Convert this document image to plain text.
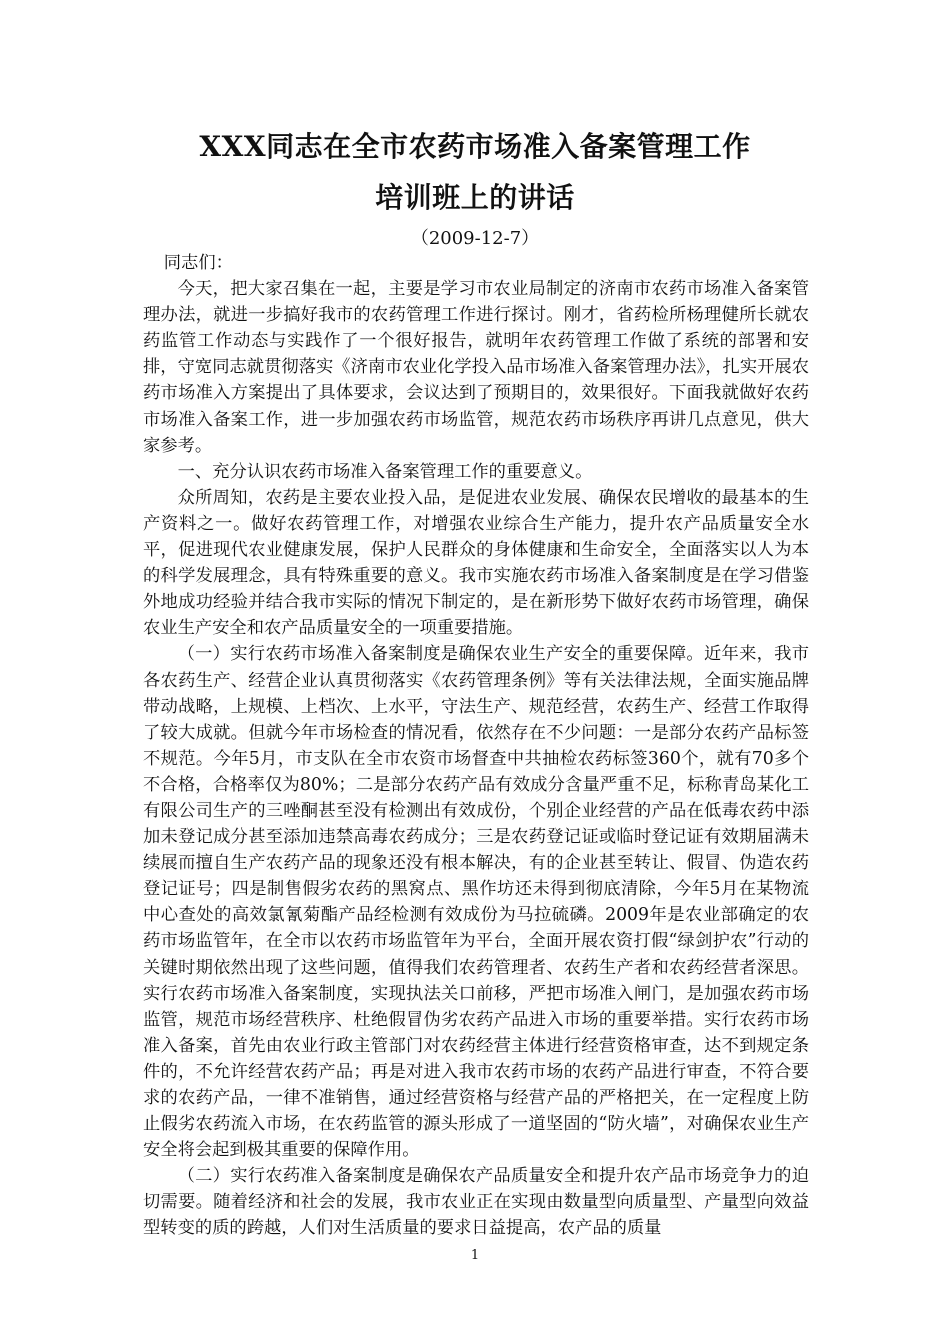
XXX同志在全市农药市场准入备案管理工作
培训班上的讲话
（2009-12-7）

同志们：

今天，把大家召集在一起，主要是学习市农业局制定的济南市农药市场准入备案管理办法，就进一步搞好我市的农药管理工作进行探讨。刚才，省药检所杨理健所长就农药监管工作动态与实践作了一个很好报告，就明年农药管理工作做了系统的部署和安排，守宽同志就贯彻落实《济南市农业化学投入品市场准入备案管理办法》，扎实开展农药市场准入方案提出了具体要求，会议达到了预期目的，效果很好。下面我就做好农药市场准入备案工作，进一步加强农药市场监管，规范农药市场秩序再讲几点意见，供大家参考。

一、充分认识农药市场准入备案管理工作的重要意义。

众所周知，农药是主要农业投入品，是促进农业发展、确保农民增收的最基本的生产资料之一。做好农药管理工作，对增强农业综合生产能力，提升农产品质量安全水平，促进现代农业健康发展，保护人民群众的身体健康和生命安全，全面落实以人为本的科学发展理念，具有特殊重要的意义。我市实施农药市场准入备案制度是在学习借鉴外地成功经验并结合我市实际的情况下制定的，是在新形势下做好农药市场管理，确保农业生产安全和农产品质量安全的一项重要措施。

（一）实行农药市场准入备案制度是确保农业生产安全的重要保障。近年来，我市各农药生产、经营企业认真贯彻落实《农药管理条例》等有关法律法规，全面实施品牌带动战略，上规模、上档次、上水平，守法生产、规范经营，农药生产、经营工作取得了较大成就。但就今年市场检查的情况看，依然存在不少问题：一是部分农药产品标签不规范。今年5月，市支队在全市农资市场督查中共抽检农药标签360个，就有70多个不合格，合格率仅为80%；二是部分农药产品有效成分含量严重不足，标称青岛某化工有限公司生产的三唑酮甚至没有检测出有效成份，个别企业经营的产品在低毒农药中添加未登记成分甚至添加违禁高毒农药成分；三是农药登记证或临时登记证有效期届满未续展而擅自生产农药产品的现象还没有根本解决，有的企业甚至转让、假冒、伪造农药登记证号；四是制售假劣农药的黑窝点、黑作坊还未得到彻底清除，今年5月在某物流中心查处的高效氯氰菊酯产品经检测有效成份为马拉硫磷。2009年是农业部确定的农药市场监管年，在全市以农药市场监管年为平台，全面开展农资打假“绿剑护农”行动的关键时期依然出现了这些问题，值得我们农药管理者、农药生产者和农药经营者深思。实行农药市场准入备案制度，实现执法关口前移，严把市场准入闸门，是加强农药市场监管，规范市场经营秩序、杜绝假冒伪劣农药产品进入市场的重要举措。实行农药市场准入备案，首先由农业行政主管部门对农药经营主体进行经营资格审查，达不到规定条件的，不允许经营农药产品；再是对进入我市农药市场的农药产品进行审查，不符合要求的农药产品，一律不准销售，通过经营资格与经营产品的严格把关，在一定程度上防止假劣农药流入市场，在农药监管的源头形成了一道坚固的“防火墙”，对确保农业生产安全将会起到极其重要的保障作用。

（二）实行农药准入备案制度是确保农产品质量安全和提升农产品市场竞争力的迫切需要。随着经济和社会的发展，我市农业正在实现由数量型向质量型、产量型向效益型转变的质的跨越，人们对生活质量的要求日益提高，农产品的质量

1
